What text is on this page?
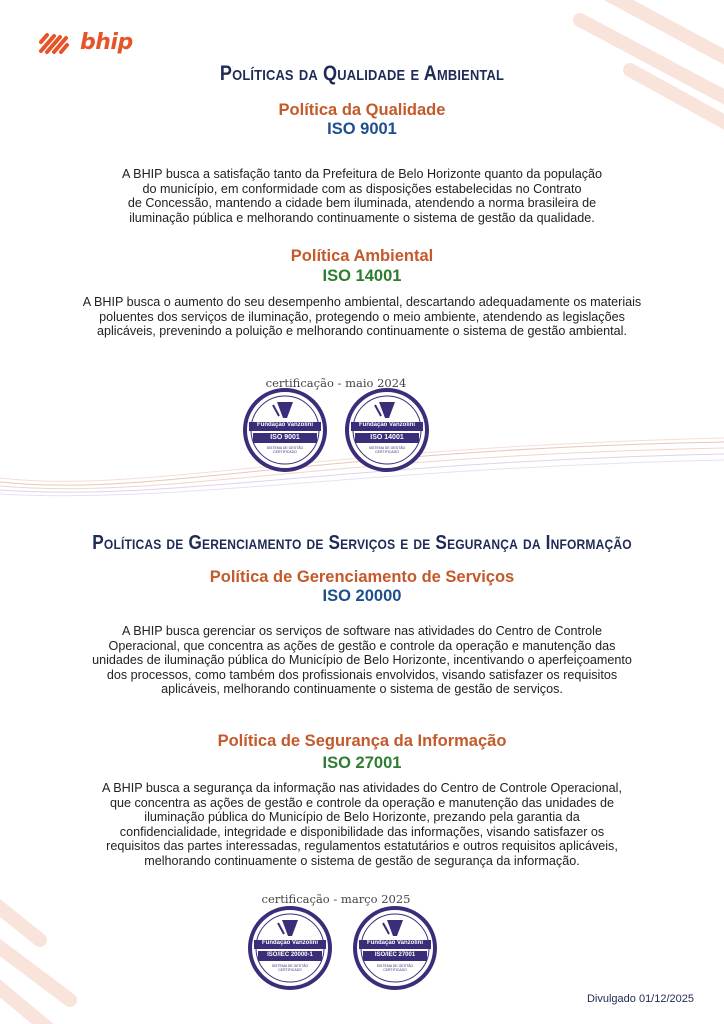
bhip
Políticas da Qualidade e Ambiental
Política da Qualidade
ISO 9001
A BHIP busca a satisfação tanto da Prefeitura de Belo Horizonte quanto da população
do município, em conformidade com as disposições estabelecidas no Contrato
de Concessão, mantendo a cidade bem iluminada, atendendo a norma brasileira de
iluminação pública e melhorando continuamente o sistema de gestão da qualidade.
Política Ambiental
ISO 14001
A BHIP busca o aumento do seu desempenho ambiental, descartando adequadamente os materiais
poluentes dos serviços de iluminação, protegendo o meio ambiente, atendendo as legislações
aplicáveis, prevenindo a poluição e melhorando continuamente o sistema de gestão ambiental.
certificação - maio 2024
Fundação Vanzolini
ISO 9001
SISTEMA DE GESTÃO
CERTIFICADO
Fundação Vanzolini
ISO 14001
SISTEMA DE GESTÃO
CERTIFICADO
Políticas de Gerenciamento de Serviços e de Segurança da Informação
Política de Gerenciamento de Serviços
ISO 20000
A BHIP busca gerenciar os serviços de software nas atividades do Centro de Controle
Operacional, que concentra as ações de gestão e controle da operação e manutenção das
unidades de iluminação pública do Município de Belo Horizonte, incentivando o aperfeiçoamento
dos processos, como também dos profissionais envolvidos, visando satisfazer os requisitos
aplicáveis, melhorando continuamente o sistema de gestão de serviços.
Política de Segurança da Informação
ISO 27001
A BHIP busca a segurança da informação nas atividades do Centro de Controle Operacional,
que concentra as ações de gestão e controle da operação e manutenção das unidades de
iluminação pública do Município de Belo Horizonte, prezando pela garantia da
confidencialidade, integridade e disponibilidade das informações, visando satisfazer os
requisitos das partes interessadas, regulamentos estatutários e outros requisitos aplicáveis,
melhorando continuamente o sistema de gestão de segurança da informação.
certificação - março 2025
Fundação Vanzolini
ISO/IEC 20000-1
SISTEMA DE GESTÃO
CERTIFICADO
Fundação Vanzolini
ISO/IEC 27001
SISTEMA DE GESTÃO
CERTIFICADO
Divulgado 01/12/2025
